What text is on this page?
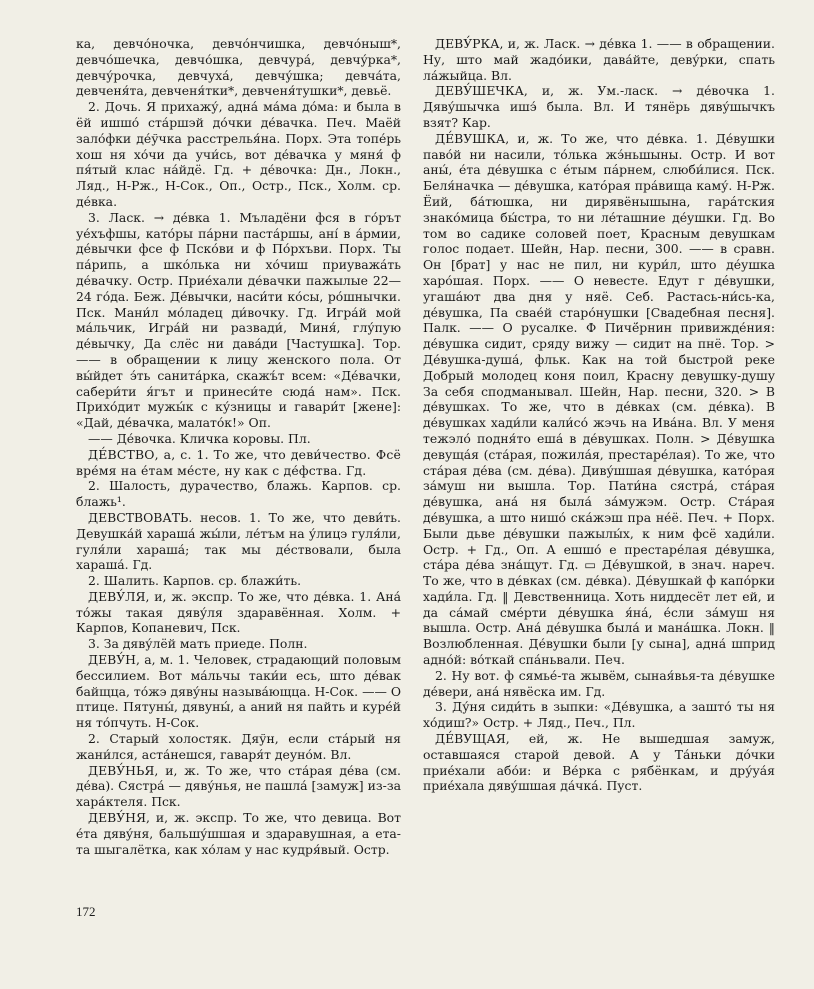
ка, девчо́ночка, девчо́нчишка, девчо́ныш*, девчо́шечка, девчо́шка, девчура́, девчу́рка*, девчу́рочка, девчуха́, девчу́шка; девча́та, девченя́та, девченя́тки*, девченя́тушки*, девьё.

2. Дочь. Я прихажу́, адна́ ма́ма до́ма: и была в ёй ишшо́ ста́ршэй до́чки де́вачка. Печ. Маёй зало́фки де́ўчка расстрелья́на. Порх. Эта топе́рь хош ня хо́чи да учи́сь, вот де́вачка у мяня́ ф пя́тый клас на́йдё. Гд. + де́вочка: Дн., Локн., Ляд., Н-Рж., Н-Сок., Оп., Остр., Пск., Холм. ср. де́вка.

3. Ласк. → де́вка 1. Мъладёни фся в го́рът уе́хъфшы, като́ры па́рни паста́ршы, ані́ в а́рмии, де́вычки фсе ф Пско́ви и ф По́рхъви. Порх. Ты па́рипь, а шко́лька ни хо́чиш приуважа́ть де́вачку. Остр. Прие́хали де́вачки пажылые 22—24 го́да. Беж. Де́вычки, наси́ти ко́сы, ро́шнычки. Пск. Мани́л мо́ладец ди́вочку. Гд. Игра́й мой ма́льчик, Игра́й ни развади́, Миня́, глу́пую де́вычку, Да слёс ни дава́ди [Частушка]. Тор. —— в обращении к лицу женского пола. От вы́йдет э́ть санита́рка, скажъ́т всем: «Де́вачки, сабери́ти я́гът и принеси́те сюда́ нам». Пск. Прихо́дит мужы́к с ку́зницы и гавари́т [жене]: «Дай, де́вачка, малато́к!» Оп.

—— Де́вочка. Кличка коровы. Пл.

ДЕ́ВСТВО, а, с. 1. То же, что деви́чество. Фсё вре́мя на е́там ме́сте, ну как с де́фства. Гд.

2. Шалость, дурачество, блажь. Карпов. ср. блажь¹.

ДЕВСТВОВАТЬ. несов. 1. То же, что деви́ть. Девушка́й хараша́ жы́ли, ле́тъм на у́лицэ гуля́ли, гуля́ли хараша́; так мы де́ствовали, была хараша́. Гд.

2. Шалить. Карпов. ср. блажи́ть.

ДЕВУ́ЛЯ, и, ж. экспр. То же, что де́вка. 1. Ана́ то́жы такая дяву́ля здаравённая. Холм. + Карпов, Копаневич, Пск.

3. За дяву́лёй мать приеде. Полн.

ДЕВУ́Н, а, м. 1. Человек, страдающий половым бессилием. Вот ма́льчы таки́и есь, што де́вак байщца, то́жэ дяву́ны называ́ющца. Н-Сок. —— О птице. Пятуны́, дявуны́, а аний ня пайть и куре́й ня то́пчуть. Н-Сок.

2. Старый холостяк. Дяўн, если ста́рый ня жани́лся, аста́нешся, гаваря́т деуно́м. Вл.

ДЕВУ́НЬЯ, и, ж. То же, что ста́рая де́ва (см. де́ва). Сястра́ — дяву́нья, не пашла́ [замуж] из-за хара́ктеля. Пск.

ДЕВУ́НЯ, и, ж. экспр. То же, что девица. Вот е́та дяву́ня, бальшу́шшая и здаравушная, а ета-та шыгалётка, как хо́лам у нас кудря́вый. Остр.

ДЕВУ́РКА, и, ж. Ласк. → де́вка 1. —— в обращении. Ну, што май жадо́ики, дава́йте, деву́рки, спать ла́жыйца. Вл.

ДЕВУ́ШЕЧКА, и, ж. Ум.-ласк. → де́вочка 1. Дяву́шычка ишэ́ была. Вл. И тянёрь дяву́шычкъ взят? Кар.

ДЕ́ВУШКА, и, ж. То же, что де́вка. 1. Де́вушки паво́й ни насили, то́лька жэ́ньшыны. Остр. И вот аны́, е́та де́вушка с е́тым пáрнем, слюби́лися. Пск. Беля́начка — де́вушка, катóрая пра́вища каму́. Н-Рж. Ёий, ба́тюшка, ни дирявёнышына, гарáтския знако́мица бы́стра, то ни ле́ташние де́ушки. Гд. Во том во садике соловей поет, Красным девушкам голос подает. Шейн, Нар. песни, 300. —— в сравн. Он [брат] у нас не пил, ни кури́л, што де́ушка харо́шая. Порх. —— О невесте. Едут г дéвушки, угаша́ют два дня у няё. Себ. Растась-ни́сь-ка, де́вушка, Па свае́й старо́нушки [Свадебная песня]. Палк. —— О русалке. Ф Пичё́рнин привижде́ния: де́вушка сидит, сряду вижу — сидит на пнё. Тор. > Де́вушка-душа́, фльк. Как на той быстрой реке Добрый молодец коня поил, Красну девушку-душу За себя сподманывал. Шейн, Нар. песни, 320. > В де́вушках. То же, что в де́вках (см. де́вка). В де́вушках хади́ли кали́со́ жэчь на Ива́на. Вл. У меня тежэло́ подня́то еша́ в де́вушках. Полн. > Де́вушка девуща́я (ста́рая, пожила́я, престаре́лая). То же, что ста́рая де́ва (см. де́ва). Диву́шшая де́вушка, катóрая за́муш ни вышла. Тор. Пати́на сястра́, ста́рая де́вушка, ана́ ня была́ за́мужэм. Остр. Ста́рая де́вушка, а што нишо́ ска́жэш пра не́ё. Печ. + Порх. Были дьве де́вушки пажылы́х, к ним фсё хади́ли. Остр. + Гд., Оп. А ешшо́ е престаре́лая де́вушка, ста́ра де́ва зна́щут. Гд. ▭ Де́вушкой, в знач. нареч. То же, что в де́вках (см. де́вка). Де́вушкай ф капо́рки хади́ла. Гд. ‖ Девственница. Хоть ниддесёт лет ей, и да са́май сме́рти де́вушка я́на́, е́сли за́муш ня вышла. Остр. Ана́ де́вушка была́ и мана́шка. Локн. ‖ Возлюбленная. Де́вушки были [у сына], адна́ шприд адно́й: во́ткай спа́ньвали. Печ.

2. Ну вот. ф сямье́-та жывём, сыная́вья-та де́вушке де́вери, ана́ нявёска им. Гд.

3. Ду́ня сиди́ть в зыпки: «Де́вушка, а зашто́ ты ня хо́диш?» Остр. + Ляд., Печ., Пл.

ДЕ́ВУЩАЯ, ей, ж. Не вышедшая замуж, оставшаяся старой девой. А у Та́ньки до́чки прие́хали або́и: и Ве́рка с рябёнкам, и дру́уа́я прие́хала дяву́шшая да́чка́. Пуст.

172
